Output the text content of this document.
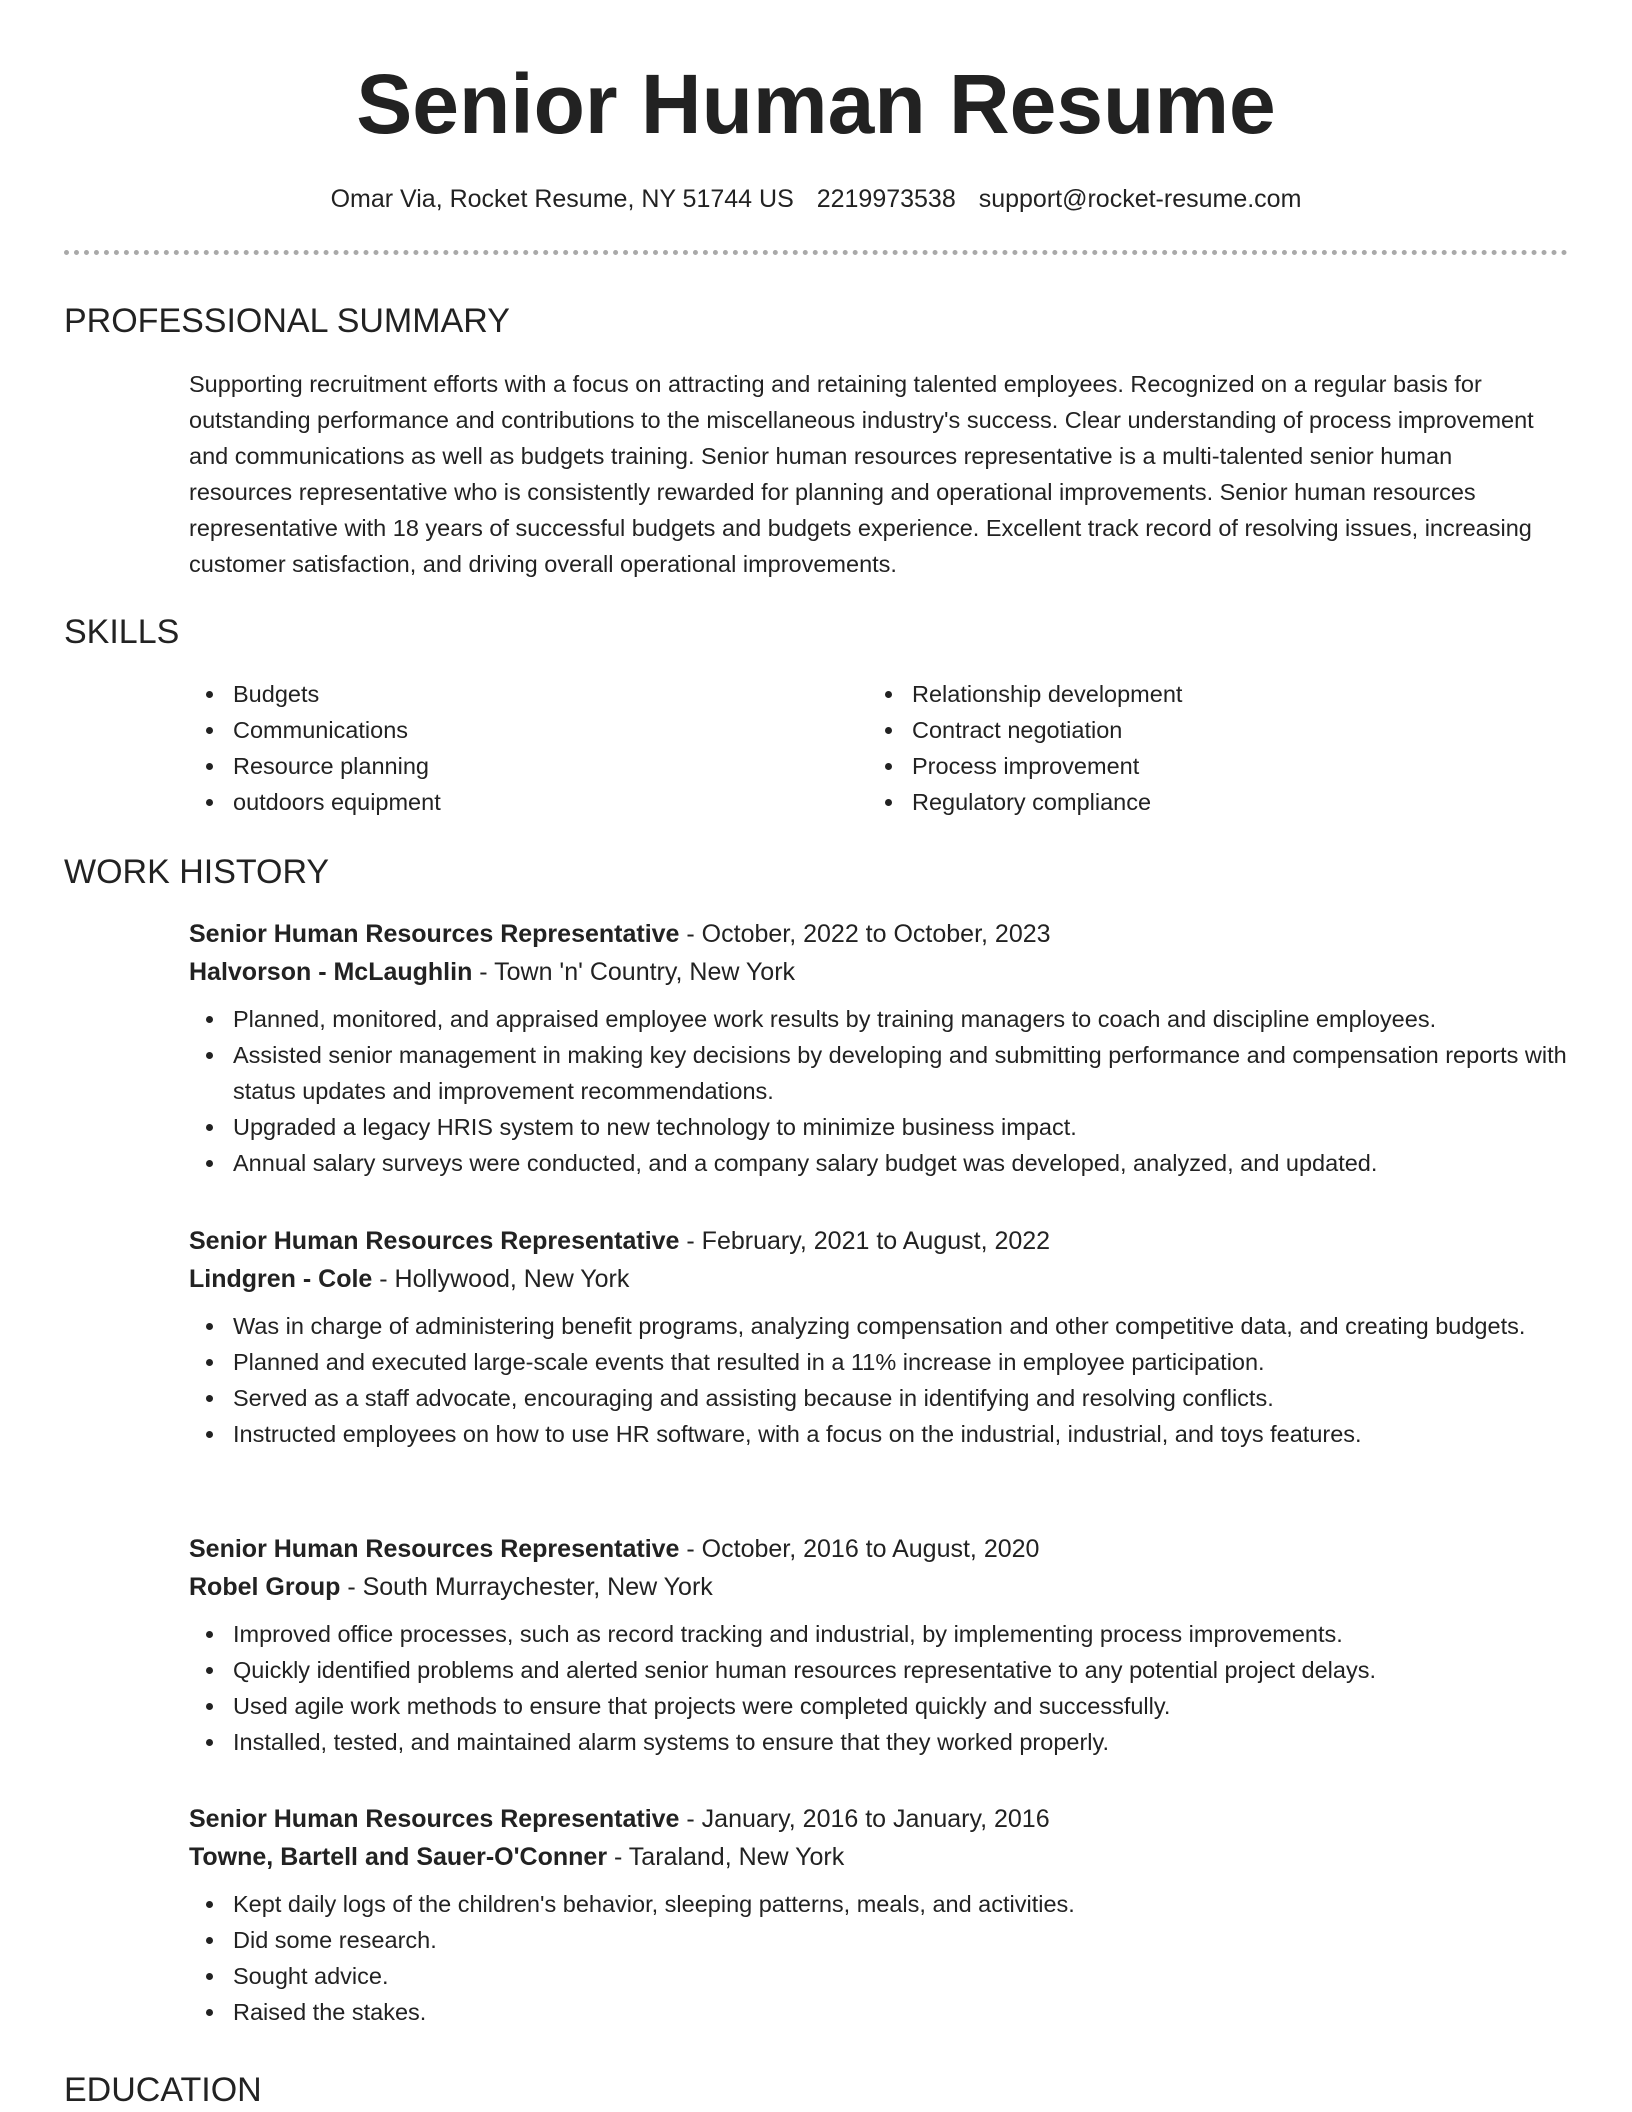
Senior Human Resume
Omar Via, Rocket Resume, NY 51744 US 2219973538 support@rocket-resume.com
PROFESSIONAL SUMMARY

Supporting recruitment efforts with a focus on attracting and retaining talented employees. Recognized on a regular basis for outstanding performance and contributions to the miscellaneous industry's success. Clear understanding of process improvement and communications as well as budgets training. Senior human resources representative is a multi-talented senior human resources representative who is consistently rewarded for planning and operational improvements. Senior human resources representative with 18 years of successful budgets and budgets experience. Excellent track record of resolving issues, increasing customer satisfaction, and driving overall operational improvements.

SKILLS
Budgets
Communications
Resource planning
outdoors equipment
Relationship development
Contract negotiation
Process improvement
Regulatory compliance
WORK HISTORY
Senior Human Resources Representative - October, 2022 to October, 2023
Halvorson - McLaughlin - Town 'n' Country, New York
Planned, monitored, and appraised employee work results by training managers to coach and discipline employees.
Assisted senior management in making key decisions by developing and submitting performance and compensation reports with status updates and improvement recommendations.
Upgraded a legacy HRIS system to new technology to minimize business impact.
Annual salary surveys were conducted, and a company salary budget was developed, analyzed, and updated.
Senior Human Resources Representative - February, 2021 to August, 2022
Lindgren - Cole - Hollywood, New York
Was in charge of administering benefit programs, analyzing compensation and other competitive data, and creating budgets.
Planned and executed large-scale events that resulted in a 11% increase in employee participation.
Served as a staff advocate, encouraging and assisting because in identifying and resolving conflicts.
Instructed employees on how to use HR software, with a focus on the industrial, industrial, and toys features.
Senior Human Resources Representative - October, 2016 to August, 2020
Robel Group - South Murraychester, New York
Improved office processes, such as record tracking and industrial, by implementing process improvements.
Quickly identified problems and alerted senior human resources representative to any potential project delays.
Used agile work methods to ensure that projects were completed quickly and successfully.
Installed, tested, and maintained alarm systems to ensure that they worked properly.
Senior Human Resources Representative - January, 2016 to January, 2016
Towne, Bartell and Sauer-O'Conner - Taraland, New York
Kept daily logs of the children's behavior, sleeping patterns, meals, and activities.
Did some research.
Sought advice.
Raised the stakes.
EDUCATION
